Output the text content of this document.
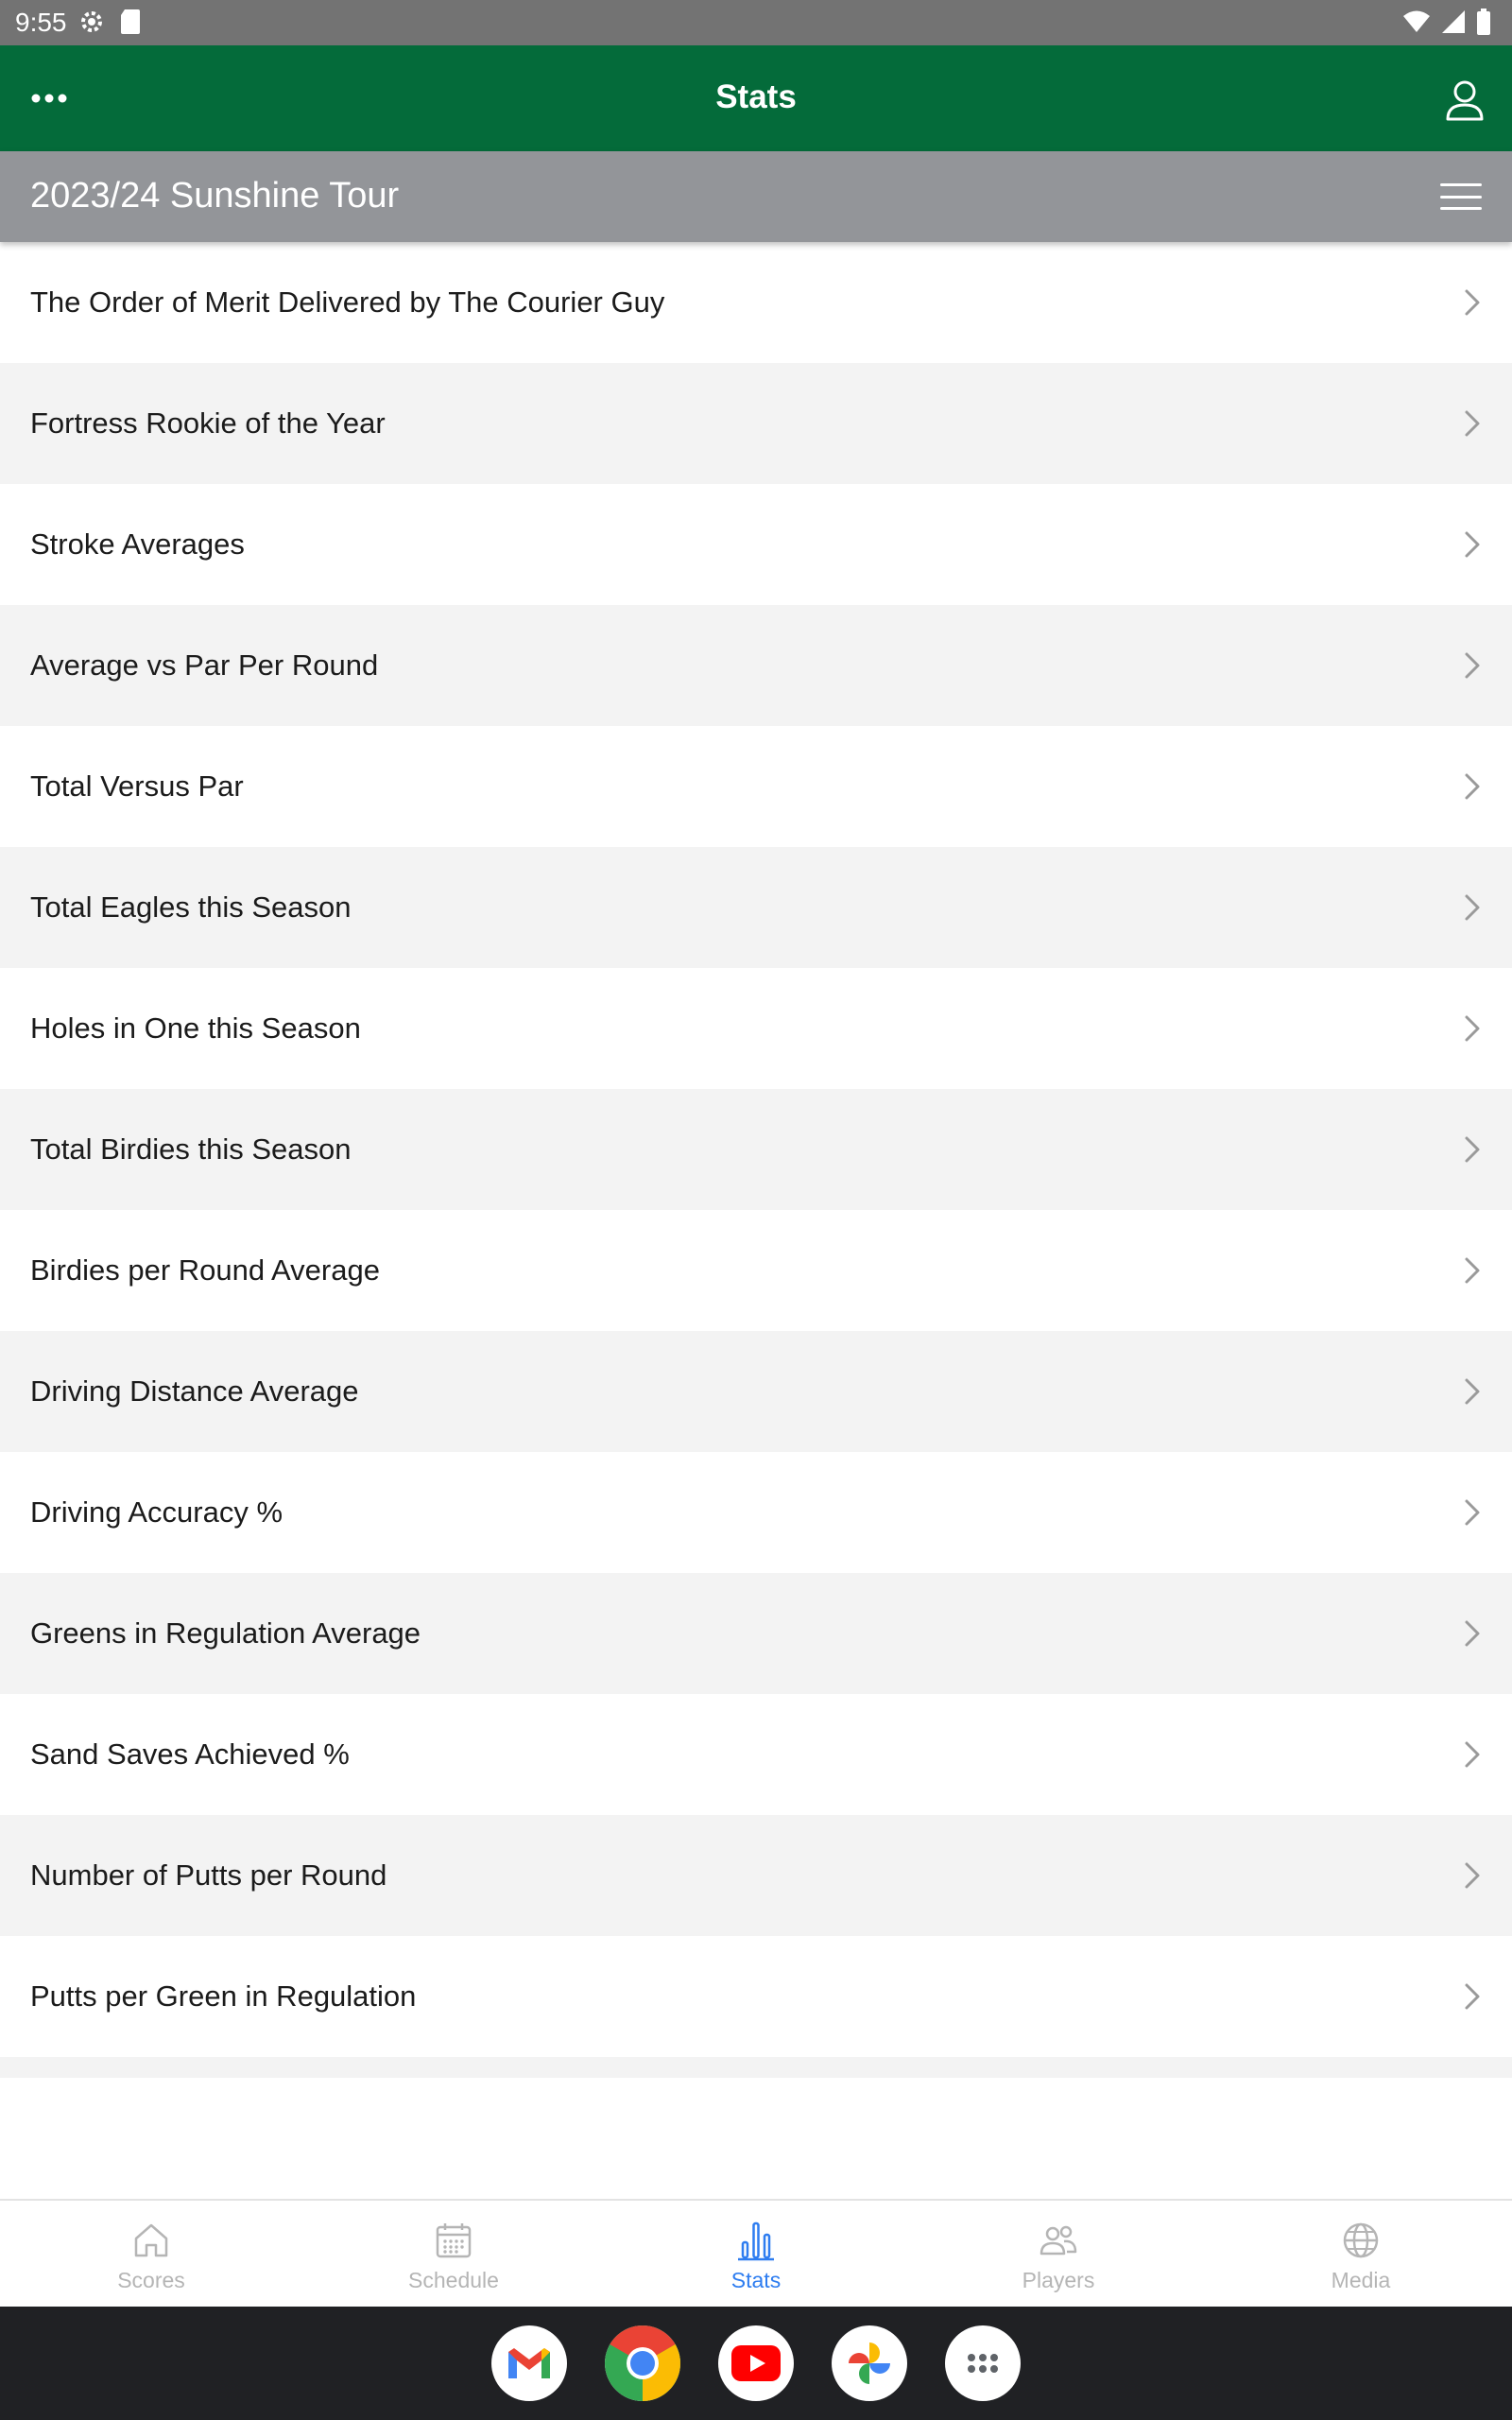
9:55
Stats
2023/24 Sunshine Tour
The Order of Merit Delivered by The Courier Guy
Fortress Rookie of the Year
Stroke Averages
Average vs Par Per Round
Total Versus Par
Total Eagles this Season
Holes in One this Season
Total Birdies this Season
Birdies per Round Average
Driving Distance Average
Driving Accuracy %
Greens in Regulation Average
Sand Saves Achieved %
Number of Putts per Round
Putts per Green in Regulation
Scores	Schedule	Stats	Players	Media
